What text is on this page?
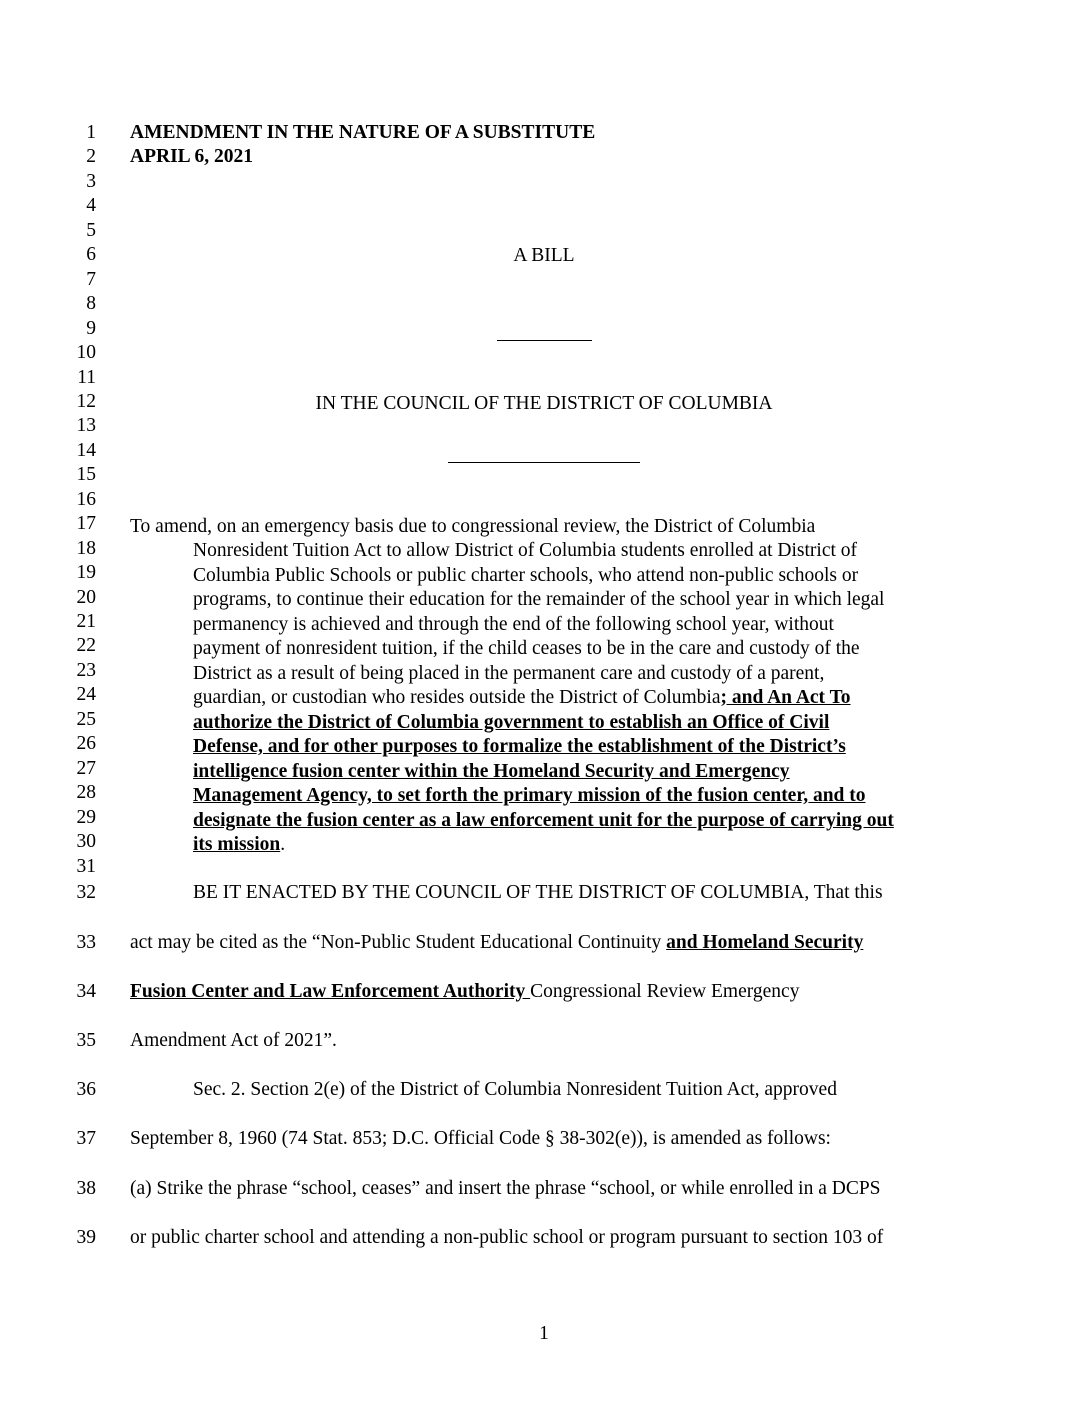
1
2
3
4
5
6
7
8
9
10
11
12
13
14
15
16
17
18
19
20
21
22
23
24
25
26
27
28
29
30
31
32
33
34
35
36
37
38
39
AMENDMENT IN THE NATURE OF A SUBSTITUTE
APRIL 6, 2021
A BILL
IN THE COUNCIL OF THE DISTRICT OF COLUMBIA
To amend, on an emergency basis due to congressional review, the District of Columbia
Nonresident Tuition Act to allow District of Columbia students enrolled at District of
Columbia Public Schools or public charter schools, who attend non-public schools or
programs, to continue their education for the remainder of the school year in which legal
permanency is achieved and through the end of the following school year, without
payment of nonresident tuition, if the child ceases to be in the care and custody of the
District as a result of being placed in the permanent care and custody of a parent,
guardian, or custodian who resides outside the District of Columbia; and An Act To
authorize the District of Columbia government to establish an Office of Civil
Defense, and for other purposes to formalize the establishment of the District’s
intelligence fusion center within the Homeland Security and Emergency
Management Agency, to set forth the primary mission of the fusion center, and to
designate the fusion center as a law enforcement unit for the purpose of carrying out
its mission.
BE IT ENACTED BY THE COUNCIL OF THE DISTRICT OF COLUMBIA, That this
act may be cited as the “Non-Public Student Educational Continuity and Homeland Security
Fusion Center and Law Enforcement Authority Congressional Review Emergency
Amendment Act of 2021”.
Sec. 2. Section 2(e) of the District of Columbia Nonresident Tuition Act, approved
September 8, 1960 (74 Stat. 853; D.C. Official Code § 38-302(e)), is amended as follows:
(a) Strike the phrase “school, ceases” and insert the phrase “school, or while enrolled in a DCPS
or public charter school and attending a non-public school or program pursuant to section 103 of
1
